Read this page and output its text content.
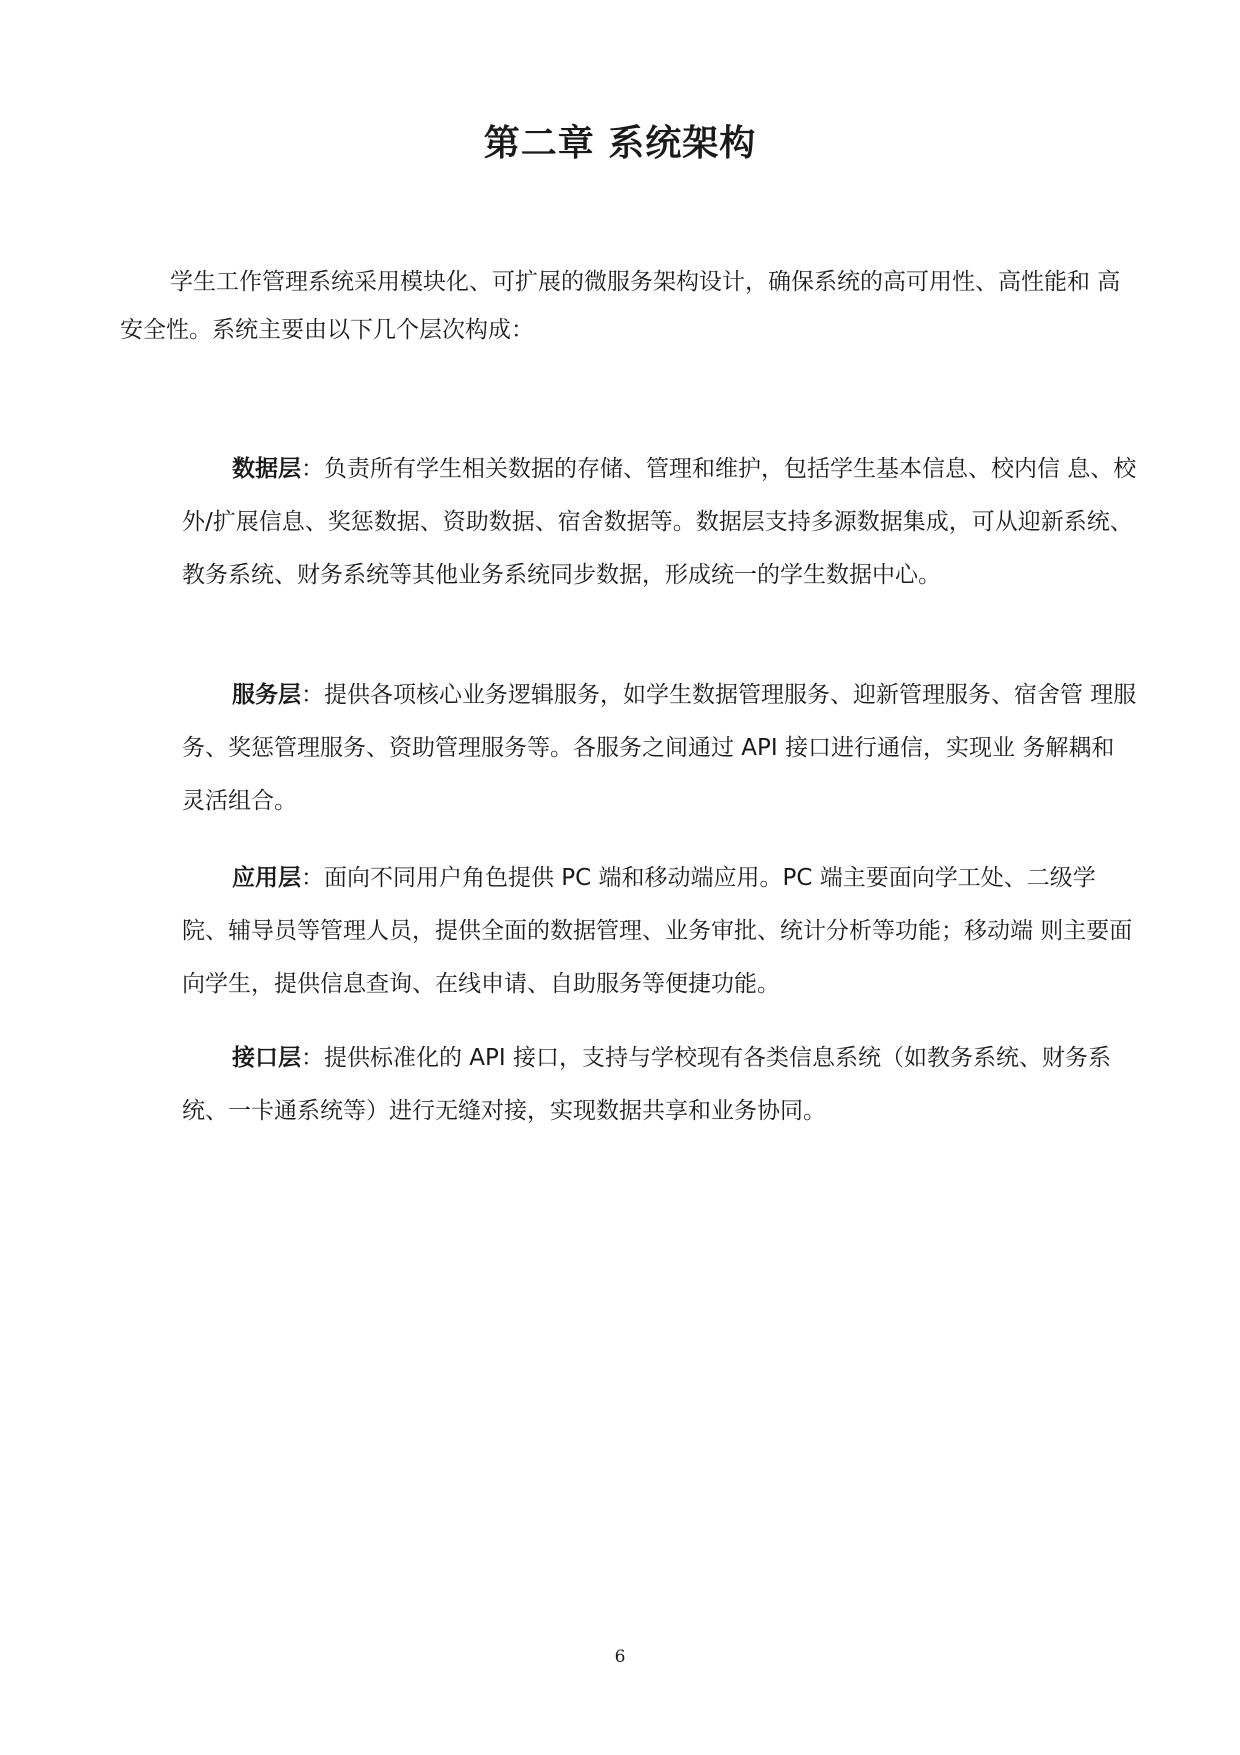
第二章 系统架构

学生工作管理系统采用模块化、可扩展的微服务架构设计，确保系统的高可用性、高性能和 高安全性。系统主要由以下几个层次构成：

数据层：负责所有学生相关数据的存储、管理和维护，包括学生基本信息、校内信 息、校外/扩展信息、奖惩数据、资助数据、宿舍数据等。数据层支持多源数据集成，可从迎新系统、教务系统、财务系统等其他业务系统同步数据，形成统一的学生数据中心。

服务层：提供各项核心业务逻辑服务，如学生数据管理服务、迎新管理服务、宿舍管 理服务、奖惩管理服务、资助管理服务等。各服务之间通过 API 接口进行通信，实现业 务解耦和灵活组合。

应用层：面向不同用户角色提供 PC 端和移动端应用。PC 端主要面向学工处、二级学 院、辅导员等管理人员，提供全面的数据管理、业务审批、统计分析等功能；移动端 则主要面向学生，提供信息查询、在线申请、自助服务等便捷功能。

接口层：提供标准化的 API 接口，支持与学校现有各类信息系统（如教务系统、财务系 统、一卡通系统等）进行无缝对接，实现数据共享和业务协同。

6
